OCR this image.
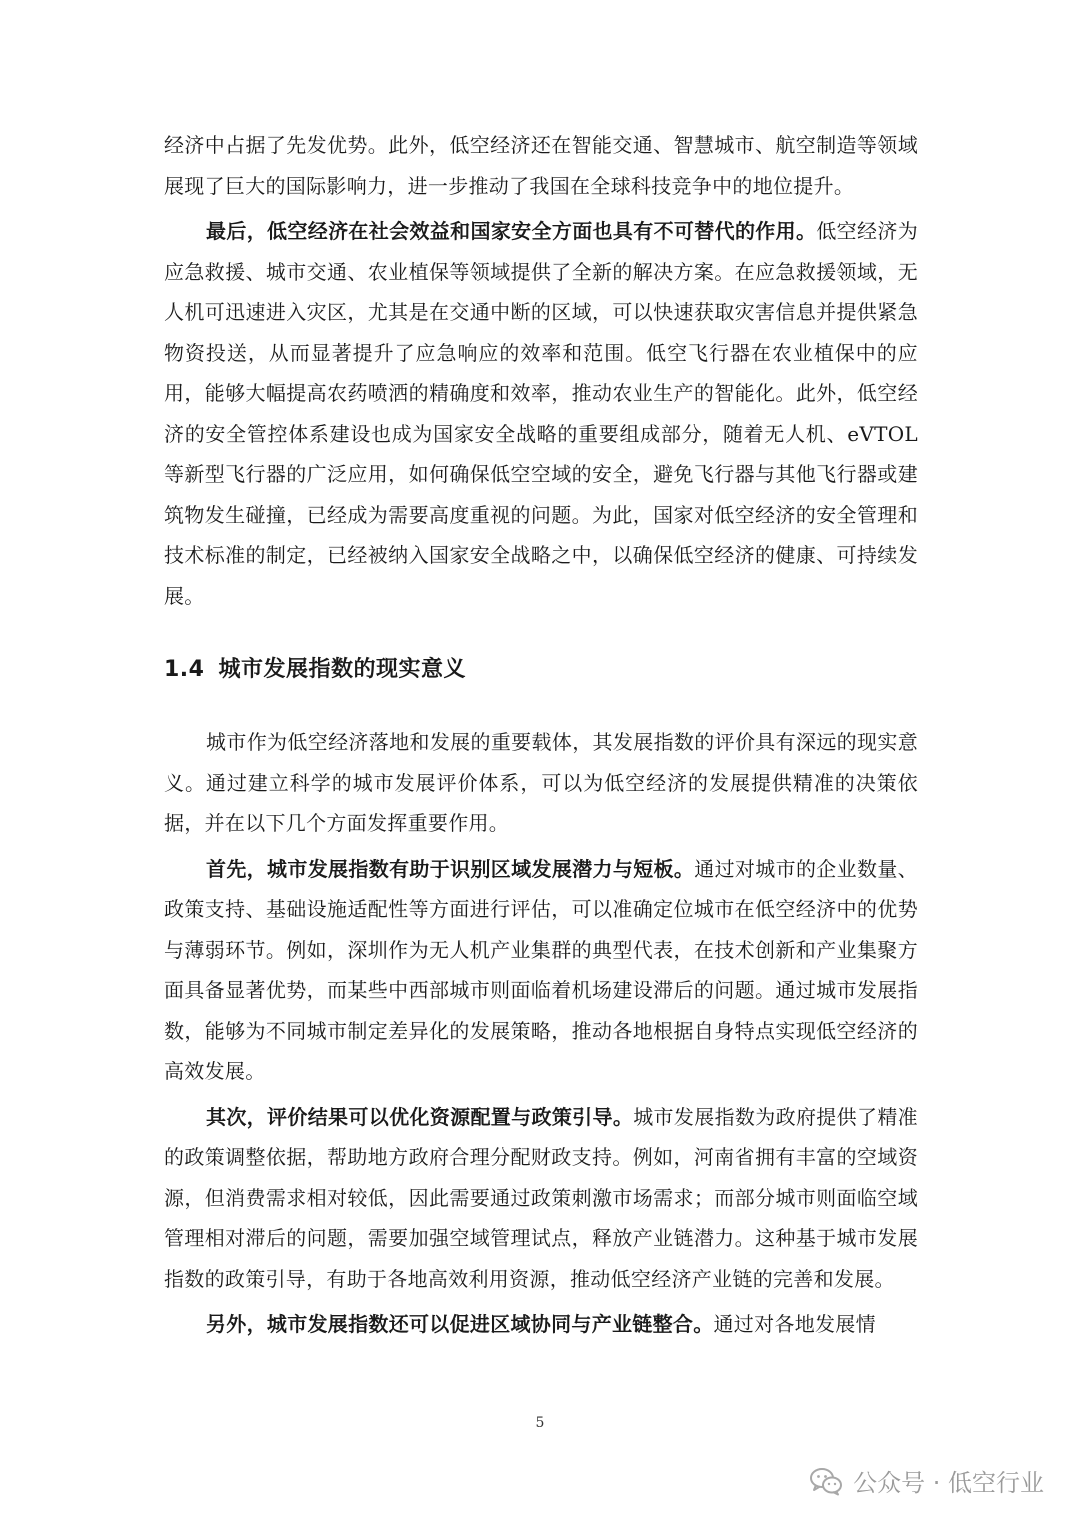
经济中占据了先发优势。此外，低空经济还在智能交通、智慧城市、航空制造等领域展现了巨大的国际影响力，进一步推动了我国在全球科技竞争中的地位提升。

最后，低空经济在社会效益和国家安全方面也具有不可替代的作用。低空经济为应急救援、城市交通、农业植保等领域提供了全新的解决方案。在应急救援领域，无人机可迅速进入灾区，尤其是在交通中断的区域，可以快速获取灾害信息并提供紧急物资投送，从而显著提升了应急响应的效率和范围。低空飞行器在农业植保中的应用，能够大幅提高农药喷洒的精确度和效率，推动农业生产的智能化。此外，低空经济的安全管控体系建设也成为国家安全战略的重要组成部分，随着无人机、eVTOL 等新型飞行器的广泛应用，如何确保低空空域的安全，避免飞行器与其他飞行器或建筑物发生碰撞，已经成为需要高度重视的问题。为此，国家对低空经济的安全管理和技术标准的制定，已经被纳入国家安全战略之中，以确保低空经济的健康、可持续发展。

1.4 城市发展指数的现实意义

城市作为低空经济落地和发展的重要载体，其发展指数的评价具有深远的现实意义。通过建立科学的城市发展评价体系，可以为低空经济的发展提供精准的决策依据，并在以下几个方面发挥重要作用。

首先，城市发展指数有助于识别区域发展潜力与短板。通过对城市的企业数量、政策支持、基础设施适配性等方面进行评估，可以准确定位城市在低空经济中的优势与薄弱环节。例如，深圳作为无人机产业集群的典型代表，在技术创新和产业集聚方面具备显著优势，而某些中西部城市则面临着机场建设滞后的问题。通过城市发展指数，能够为不同城市制定差异化的发展策略，推动各地根据自身特点实现低空经济的高效发展。

其次，评价结果可以优化资源配置与政策引导。城市发展指数为政府提供了精准的政策调整依据，帮助地方政府合理分配财政支持。例如，河南省拥有丰富的空域资源，但消费需求相对较低，因此需要通过政策刺激市场需求；而部分城市则面临空域管理相对滞后的问题，需要加强空域管理试点，释放产业链潜力。这种基于城市发展指数的政策引导，有助于各地高效利用资源，推动低空经济产业链的完善和发展。

另外，城市发展指数还可以促进区域协同与产业链整合。通过对各地发展情

5
公众号 · 低空行业
